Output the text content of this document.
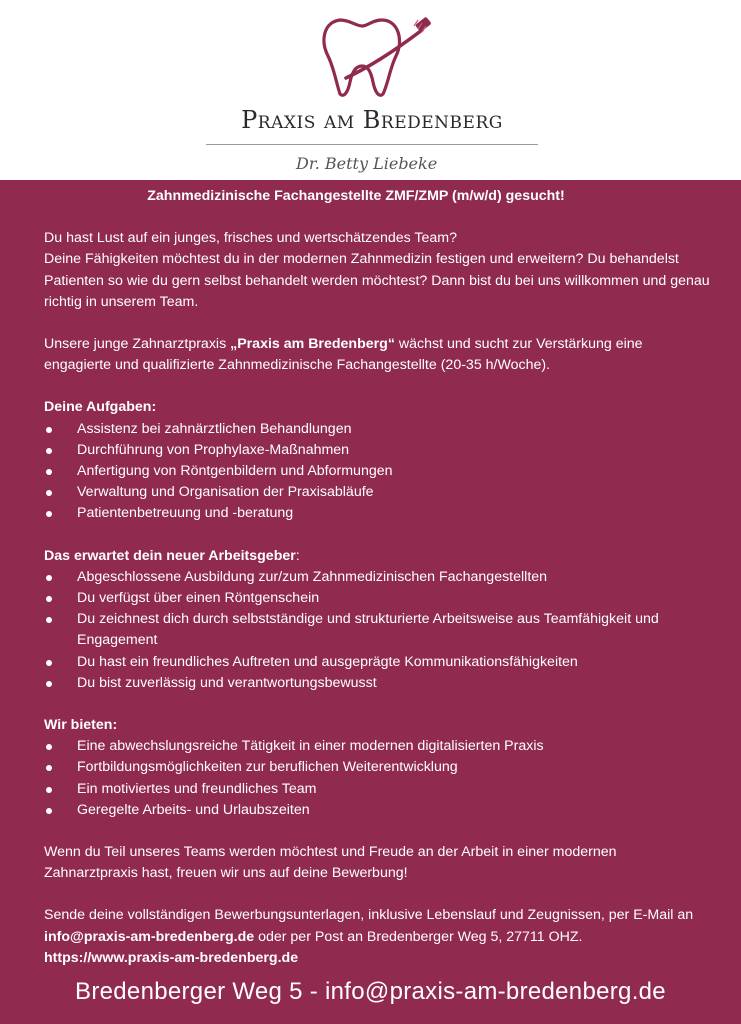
Praxis am Bredenberg
Dr. Betty Liebeke

Zahnmedizinische Fachangestellte ZMF/ZMP (m/w/d) gesucht!

Du hast Lust auf ein junges, frisches und wertschätzendes Team?

Deine Fähigkeiten möchtest du in der modernen Zahnmedizin festigen und erweitern? Du behandelst Patienten so wie du gern selbst behandelt werden möchtest? Dann bist du bei uns willkommen und genau richtig in unserem Team.

Unsere junge Zahnarztpraxis „Praxis am Bredenberg“ wächst und sucht zur Verstärkung eine engagierte und qualifizierte Zahnmedizinische Fachangestellte (20-35 h/Woche).

Deine Aufgaben:

Assistenz bei zahnärztlichen Behandlungen
Durchführung von Prophylaxe-Maßnahmen
Anfertigung von Röntgenbildern und Abformungen
Verwaltung und Organisation der Praxisabläufe
Patientenbetreuung und -beratung

Das erwartet dein neuer Arbeitsgeber:

Abgeschlossene Ausbildung zur/zum Zahnmedizinischen Fachangestellten
Du verfügst über einen Röntgenschein
Du zeichnest dich durch selbstständige und strukturierte Arbeitsweise aus Teamfähigkeit und Engagement
Du hast ein freundliches Auftreten und ausgeprägte Kommunikationsfähigkeiten
Du bist zuverlässig und verantwortungsbewusst

Wir bieten:

Eine abwechslungsreiche Tätigkeit in einer modernen digitalisierten Praxis
Fortbildungsmöglichkeiten zur beruflichen Weiterentwicklung
Ein motiviertes und freundliches Team
Geregelte Arbeits- und Urlaubszeiten

Wenn du Teil unseres Teams werden möchtest und Freude an der Arbeit in einer modernen Zahnarztpraxis hast, freuen wir uns auf deine Bewerbung!

Sende deine vollständigen Bewerbungsunterlagen, inklusive Lebenslauf und Zeugnissen, per E-Mail an info@praxis-am-bredenberg.de oder per Post an Bredenberger Weg 5, 27711 OHZ.

https://www.praxis-am-bredenberg.de

Bredenberger Weg 5 - info@praxis-am-bredenberg.de
